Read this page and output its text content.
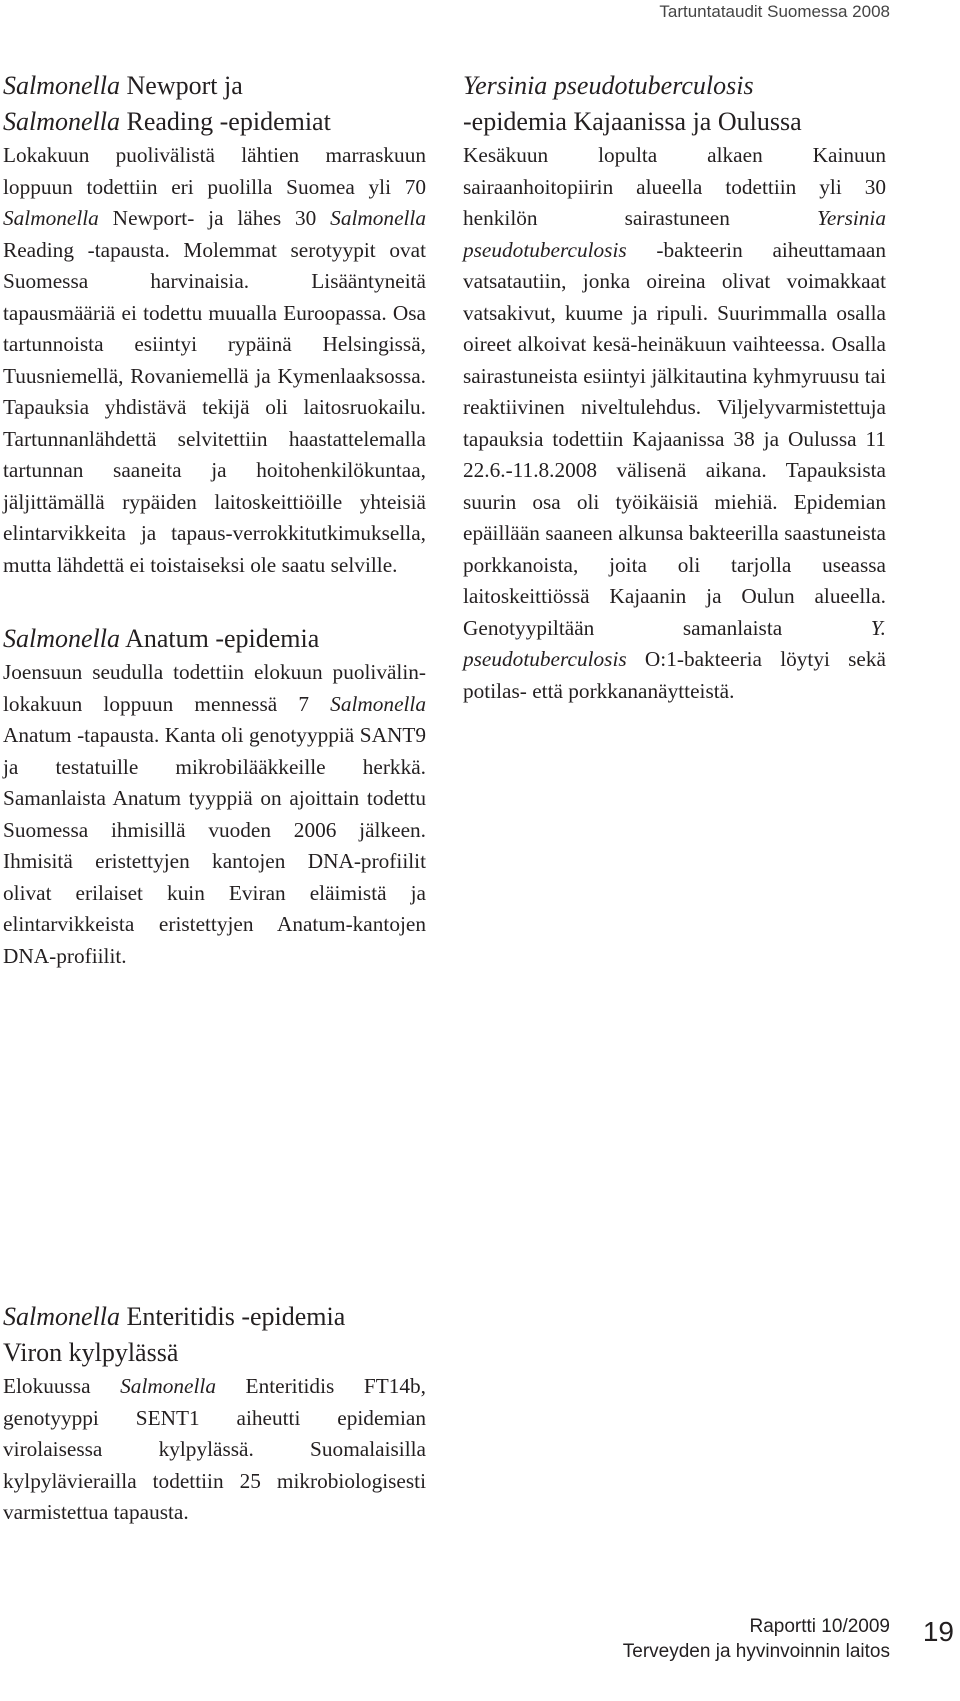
Tartuntataudit Suomessa 2008
Salmonella Newport ja
Salmonella Reading -epidemiat

Lokakuun puolivälistä lähtien marraskuun loppuun todettiin eri puolilla Suomea yli 70 Salmonella Newport- ja lähes 30 Salmonella Reading -tapausta. Molemmat serotyypit ovat Suomessa harvinaisia. Lisääntyneitä tapausmääriä ei todettu muualla Euroopassa. Osa tartunnoista esiintyi rypäinä Helsingissä, Tuusniemellä, Rovaniemellä ja Kymenlaaksossa. Tapauksia yhdistävä tekijä oli laitosruokailu. Tartunnanlähdettä selvitettiin haastattelemalla tartunnan saaneita ja hoitohenkilökuntaa, jäljittämällä rypäiden laitoskeittiöille yhteisiä elintarvikkeita ja tapaus-verrokkitutkimuksella, mutta lähdettä ei toistaiseksi ole saatu selville.

Salmonella Anatum -epidemia

Joensuun seudulla todettiin elokuun puolivälin-lokakuun loppuun mennessä 7 Salmonella Anatum -tapausta. Kanta oli genotyyppiä SANT9 ja testatuille mikrobilääkkeille herkkä. Samanlaista Anatum tyyppiä on ajoittain todettu Suomessa ihmisillä vuoden 2006 jälkeen. Ihmisitä eristettyjen kantojen DNA-profiilit olivat erilaiset kuin Eviran eläimistä ja elintarvikkeista eristettyjen Anatum-kantojen DNA-profiilit.

Salmonella Enteritidis -epidemia
Viron kylpylässä

Elokuussa Salmonella Enteritidis FT14b, genotyyppi SENT1 aiheutti epidemian virolaisessa kylpylässä. Suomalaisilla kylpylävierailla todettiin 25 mikrobiologisesti varmistettua tapausta.

Yersinia pseudotuberculosis
-epidemia Kajaanissa ja Oulussa

Kesäkuun lopulta alkaen Kainuun sairaanhoitopiirin alueella todettiin yli 30 henkilön sairastuneen Yersinia pseudotuberculosis -bakteerin aiheuttamaan vatsatautiin, jonka oireina olivat voimakkaat vatsakivut, kuume ja ripuli. Suurimmalla osalla oireet alkoivat kesä-heinäkuun vaihteessa. Osalla sairastuneista esiintyi jälkitautina kyhmyruusu tai reaktiivinen niveltulehdus. Viljelyvarmistettuja tapauksia todettiin Kajaanissa 38 ja Oulussa 11 22.6.-11.8.2008 välisenä aikana. Tapauksista suurin osa oli työikäisiä miehiä. Epidemian epäillään saaneen alkunsa bakteerilla saastuneista porkkanoista, joita oli tarjolla useassa laitoskeittiössä Kajaanin ja Oulun alueella. Genotyypiltään samanlaista Y. pseudotuberculosis O:1-bakteeria löytyi sekä potilas- että porkkananäytteistä.

Raportti 10/2009
Terveyden ja hyvinvoinnin laitos
19
